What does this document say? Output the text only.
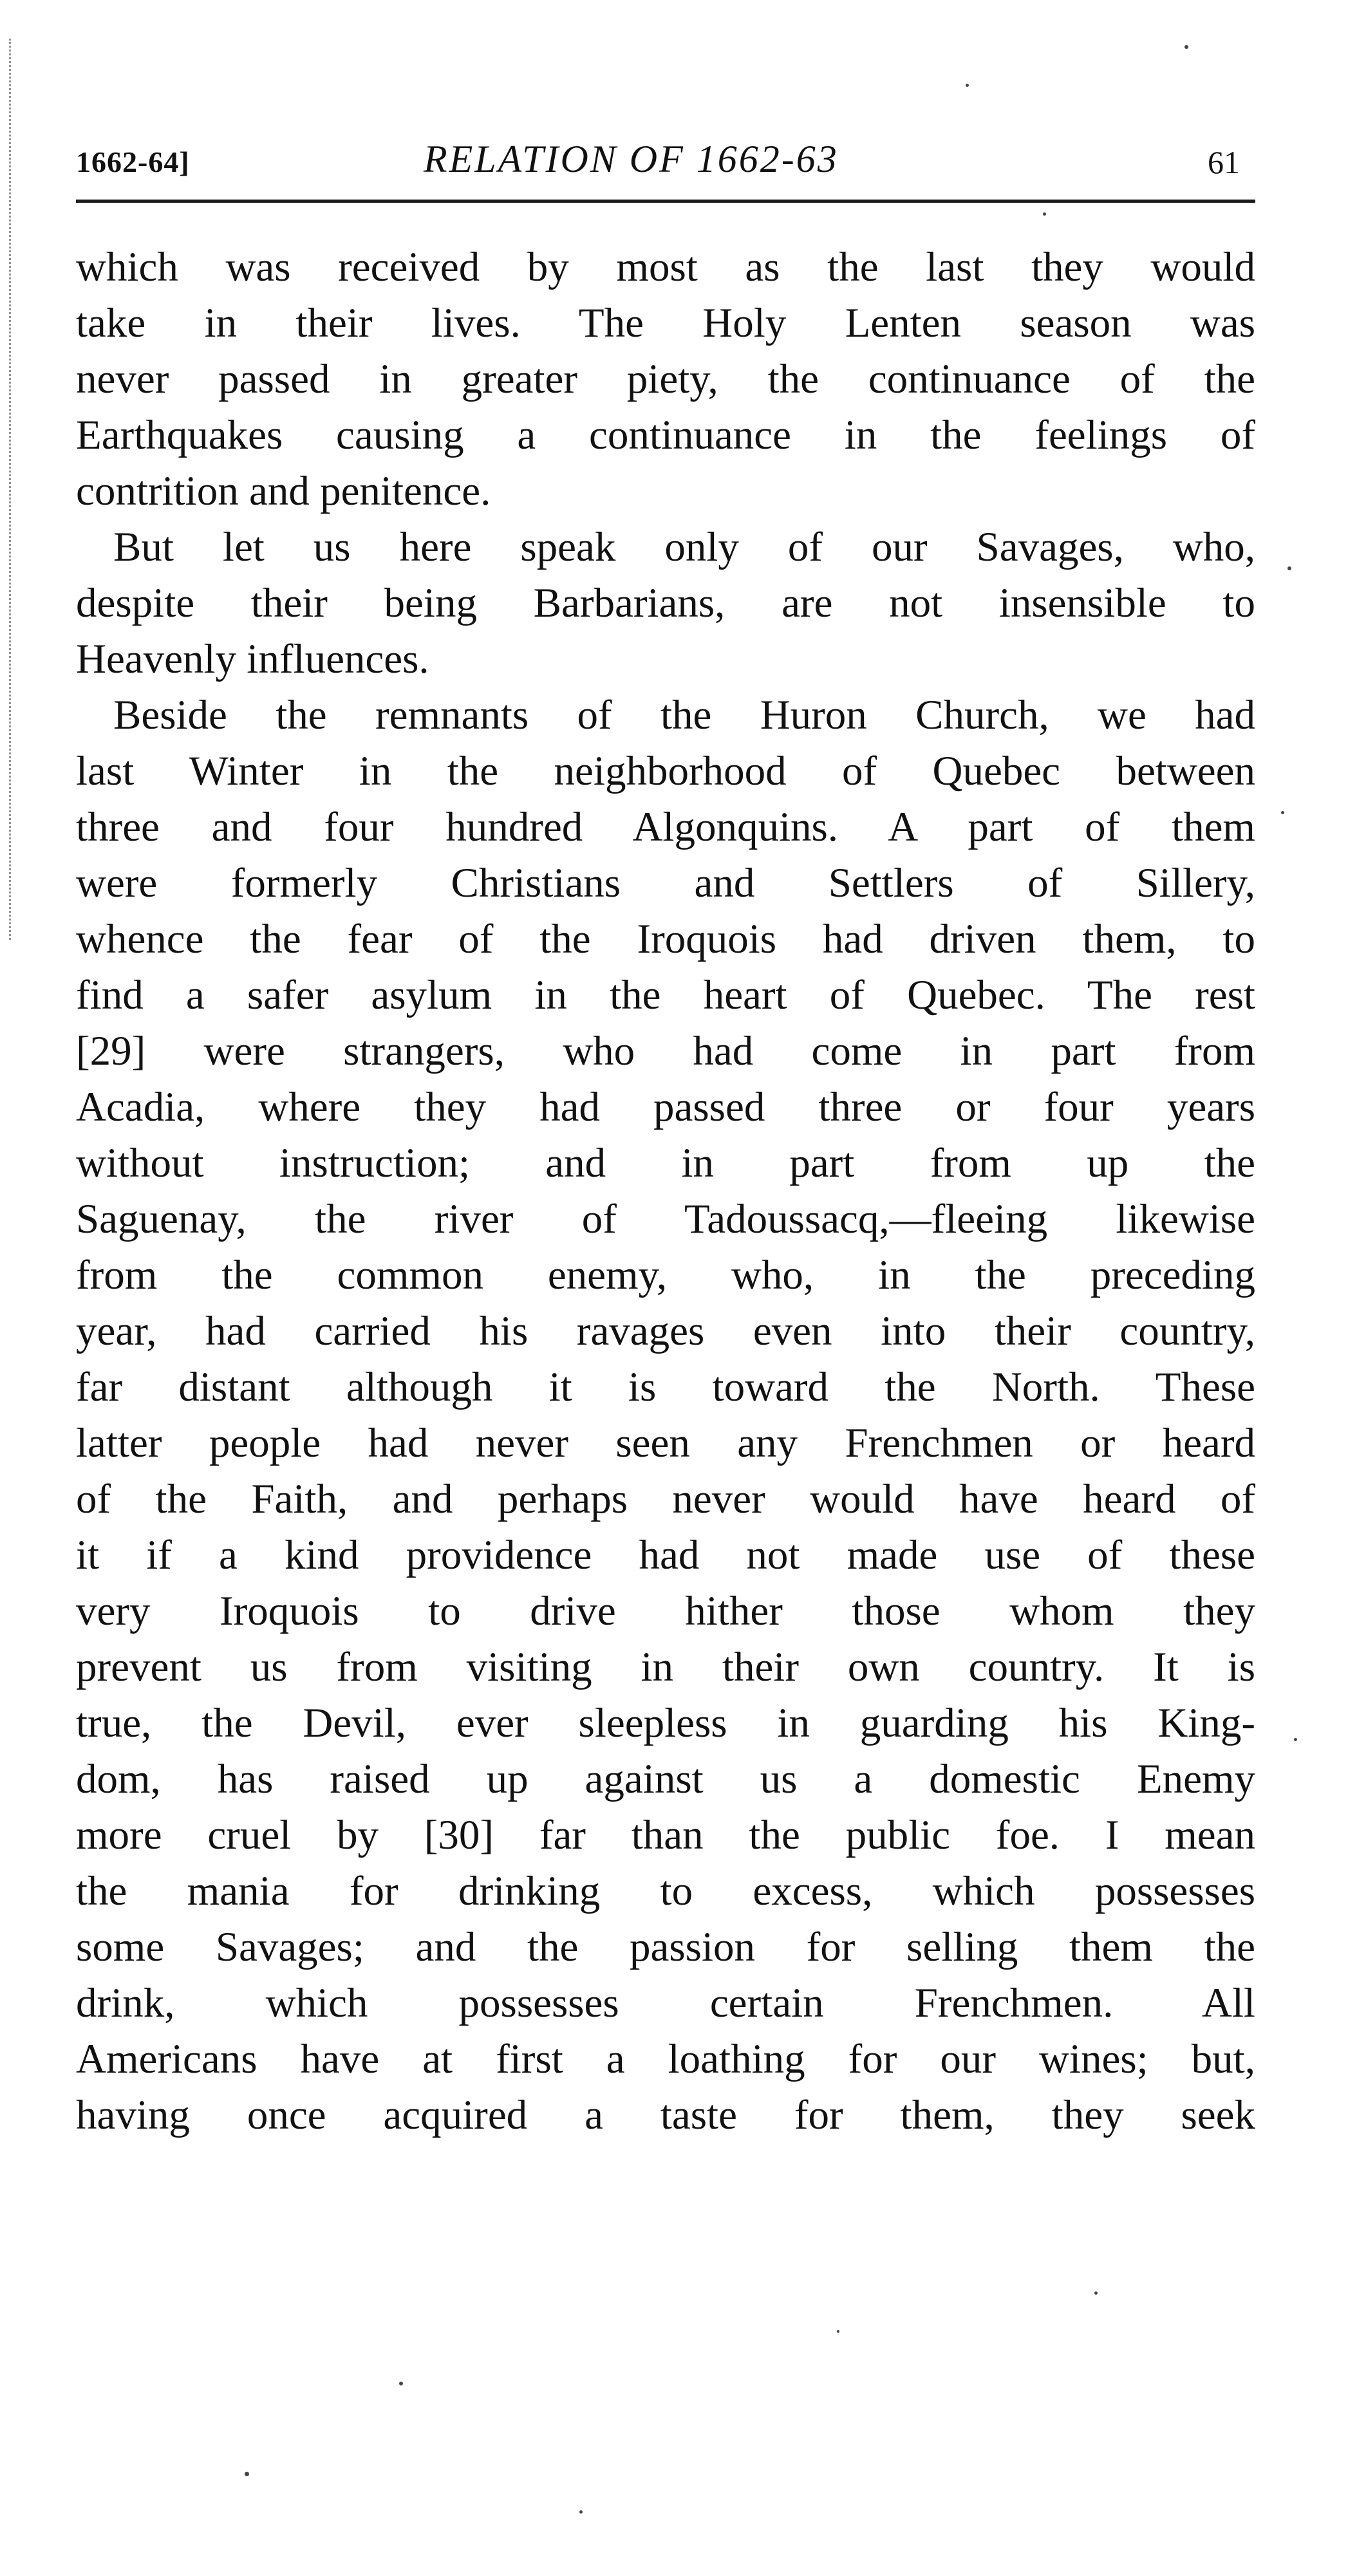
1662-64]	RELATION OF 1662-63	61
which was received by most as the last they would
take in their lives. The Holy Lenten season was
never passed in greater piety, the continuance of the
Earthquakes causing a continuance in the feelings of
contrition and penitence.
But let us here speak only of our Savages, who,
despite their being Barbarians, are not insensible to
Heavenly influences.
Beside the remnants of the Huron Church, we had
last Winter in the neighborhood of Quebec between
three and four hundred Algonquins. A part of them
were formerly Christians and Settlers of Sillery,
whence the fear of the Iroquois had driven them, to
find a safer asylum in the heart of Quebec. The rest
[29] were strangers, who had come in part from
Acadia, where they had passed three or four years
without instruction; and in part from up the
Saguenay, the river of Tadoussacq,—fleeing likewise
from the common enemy, who, in the preceding
year, had carried his ravages even into their country,
far distant although it is toward the North. These
latter people had never seen any Frenchmen or heard
of the Faith, and perhaps never would have heard of
it if a kind providence had not made use of these
very Iroquois to drive hither those whom they
prevent us from visiting in their own country. It is
true, the Devil, ever sleepless in guarding his King-
dom, has raised up against us a domestic Enemy
more cruel by [30] far than the public foe. I mean
the mania for drinking to excess, which possesses
some Savages; and the passion for selling them the
drink, which possesses certain Frenchmen. All
Americans have at first a loathing for our wines; but,
having once acquired a taste for them, they seek
